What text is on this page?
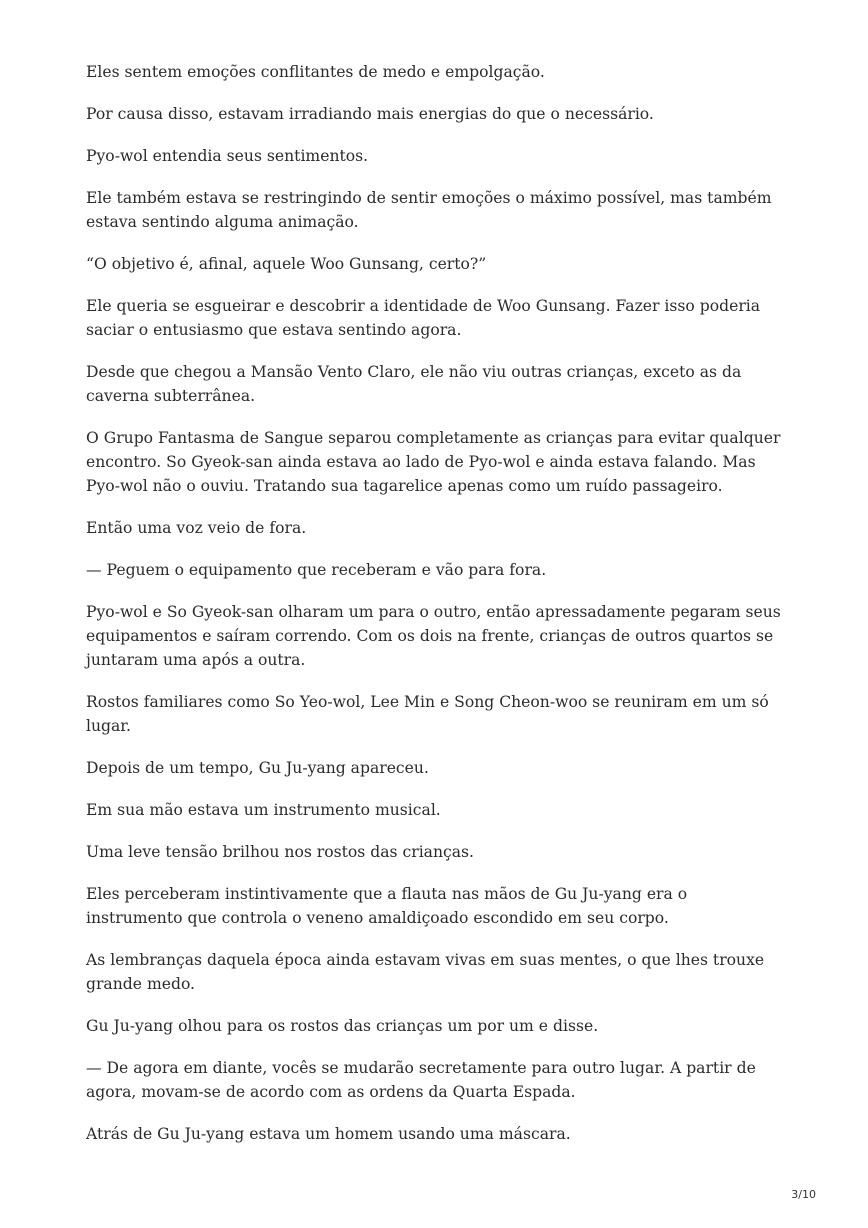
Eles sentem emoções conflitantes de medo e empolgação.

Por causa disso, estavam irradiando mais energias do que o necessário.

Pyo-wol entendia seus sentimentos.

Ele também estava se restringindo de sentir emoções o máximo possível, mas também estava sentindo alguma animação.

“O objetivo é, afinal, aquele Woo Gunsang, certo?”

Ele queria se esgueirar e descobrir a identidade de Woo Gunsang. Fazer isso poderia saciar o entusiasmo que estava sentindo agora.

Desde que chegou a Mansão Vento Claro, ele não viu outras crianças, exceto as da caverna subterrânea.

O Grupo Fantasma de Sangue separou completamente as crianças para evitar qualquer encontro. So Gyeok-san ainda estava ao lado de Pyo-wol e ainda estava falando. Mas Pyo-wol não o ouviu. Tratando sua tagarelice apenas como um ruído passageiro.

Então uma voz veio de fora.

— Peguem o equipamento que receberam e vão para fora.

Pyo-wol e So Gyeok-san olharam um para o outro, então apressadamente pegaram seus equipamentos e saíram correndo. Com os dois na frente, crianças de outros quartos se juntaram uma após a outra.

Rostos familiares como So Yeo-wol, Lee Min e Song Cheon-woo se reuniram em um só lugar.

Depois de um tempo, Gu Ju-yang apareceu.

Em sua mão estava um instrumento musical.

Uma leve tensão brilhou nos rostos das crianças.

Eles perceberam instintivamente que a flauta nas mãos de Gu Ju-yang era o instrumento que controla o veneno amaldiçoado escondido em seu corpo.

As lembranças daquela época ainda estavam vivas em suas mentes, o que lhes trouxe grande medo.

Gu Ju-yang olhou para os rostos das crianças um por um e disse.

— De agora em diante, vocês se mudarão secretamente para outro lugar. A partir de agora, movam-se de acordo com as ordens da Quarta Espada.

Atrás de Gu Ju-yang estava um homem usando uma máscara.

3/10
